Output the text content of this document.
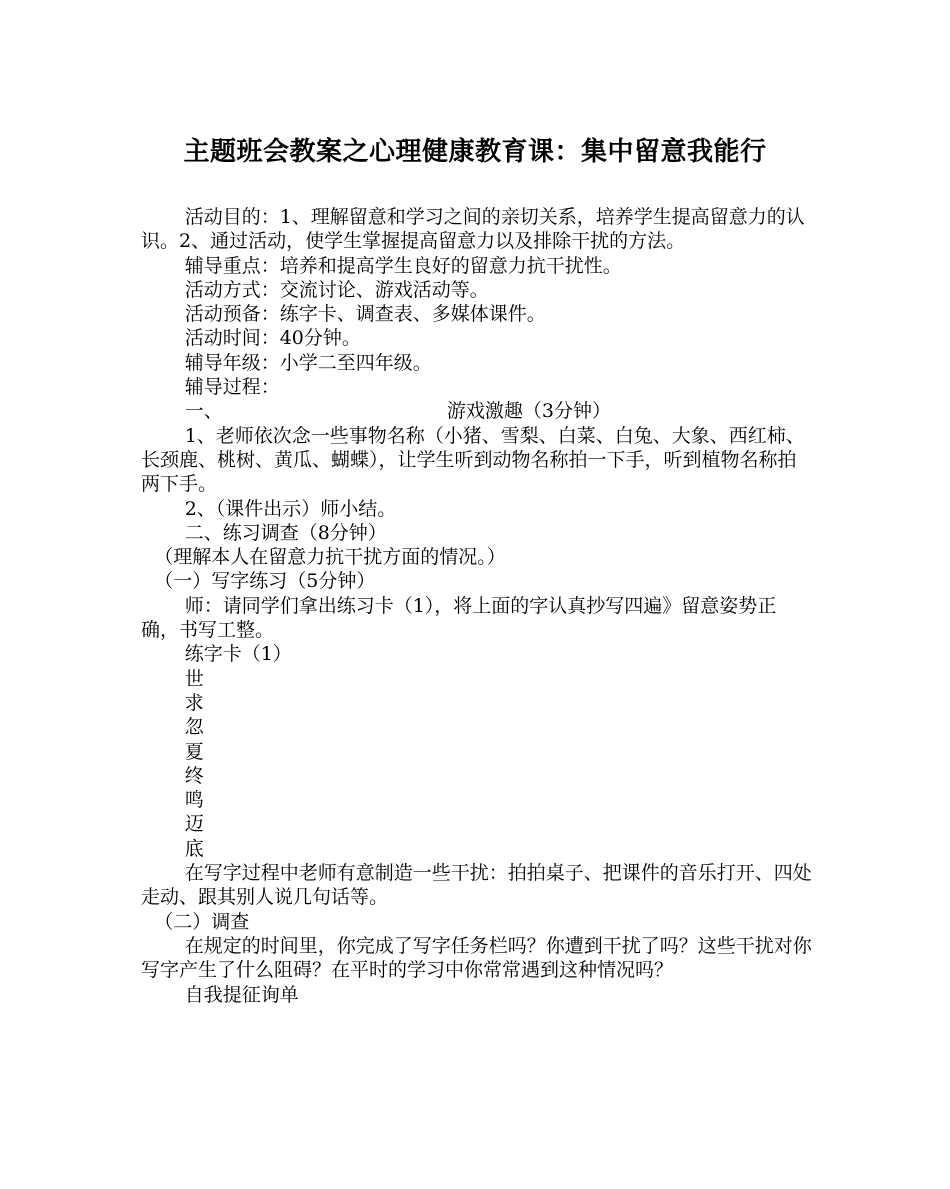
主题班会教案之心理健康教育课：集中留意我能行

活动目的：1、理解留意和学习之间的亲切关系，培养学生提高留意力的认识。2、通过活动，使学生掌握提高留意力以及排除干扰的方法。

辅导重点：培养和提高学生良好的留意力抗干扰性。

活动方式：交流讨论、游戏活动等。

活动预备：练字卡、调查表、多媒体课件。

活动时间：40分钟。

辅导年级：小学二至四年级。

辅导过程：

一、	游戏激趣（3分钟）

1、老师依次念一些事物名称（小猪、雪梨、白菜、白兔、大象、西红柿、长颈鹿、桃树、黄瓜、蝴蝶），让学生听到动物名称拍一下手，听到植物名称拍两下手。

2、（课件出示）师小结。

二、练习调查（8分钟）

（理解本人在留意力抗干扰方面的情况。）

（一）写字练习（5分钟）

师：请同学们拿出练习卡（1），将上面的字认真抄写四遍》留意姿势正确，书写工整。

练字卡（1）

世

求

忽

夏

终

鸣

迈

底

在写字过程中老师有意制造一些干扰：拍拍桌子、把课件的音乐打开、四处走动、跟其别人说几句话等。

（二）调查

在规定的时间里，你完成了写字任务栏吗？你遭到干扰了吗？这些干扰对你写字产生了什么阻碍？在平时的学习中你常常遇到这种情况吗？

自我提征询单
